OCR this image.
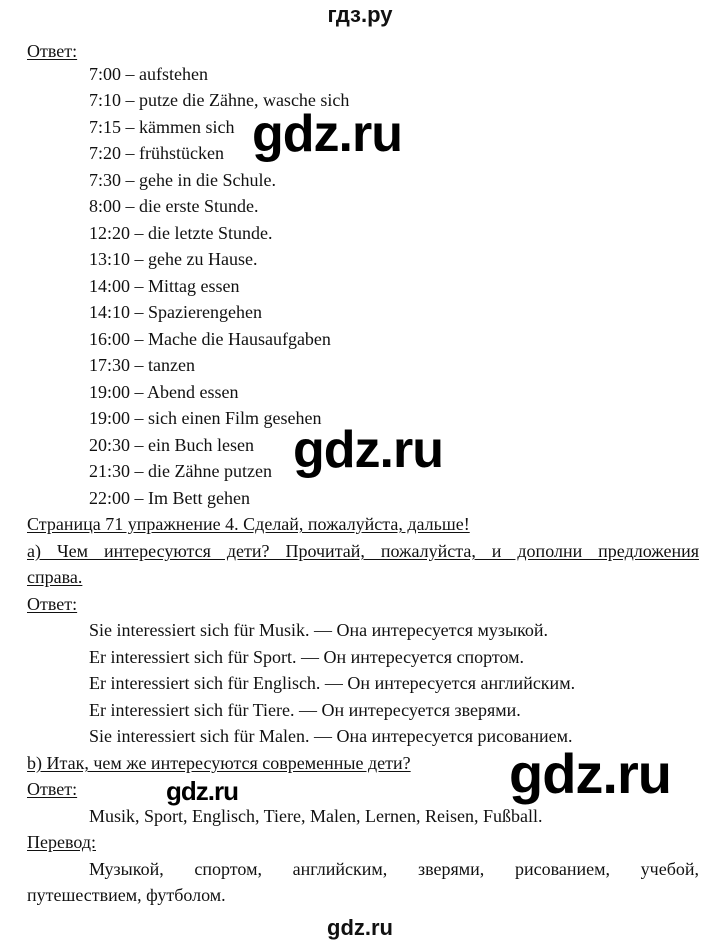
гдз.ру
Ответ:
7:00 – aufstehen
7:10 – putze die Zähne, wasche sich
7:15 – kämmen sich
7:20 – frühstücken
7:30 – gehe in die Schule.
8:00 – die erste Stunde.
12:20 – die letzte Stunde.
13:10 – gehe zu Hause.
14:00 – Mittag essen
14:10 – Spazierengehen
16:00 – Mache die Hausaufgaben
17:30 – tanzen
19:00 – Abend essen
19:00 – sich einen Film gesehen
20:30 – ein Buch lesen
21:30 – die Zähne putzen
22:00 – Im Bett gehen
Страница 71 упражнение 4. Сделай, пожалуйста, дальше!
а) Чем интересуются дети? Прочитай, пожалуйста, и дополни предложения
справа.
Ответ:
Sie interessiert sich für Musik. — Она интересуется музыкой.
Er interessiert sich für Sport. — Он интересуется спортом.
Er interessiert sich für Englisch. — Он интересуется английским.
Er interessiert sich für Tiere. — Он интересуется зверями.
Sie interessiert sich für Malen. — Она интересуется рисованием.
b) Итак, чем же интересуются современные дети?
Ответ:
Musik, Sport, Englisch, Tiere, Malen, Lernen, Reisen, Fußball.
Перевод:
Музыкой, спортом, английским, зверями, рисованием, учебой,
путешествием, футболом.
gdz.ru
gdz.ru
gdz.ru
gdz.ru
gdz.ru
